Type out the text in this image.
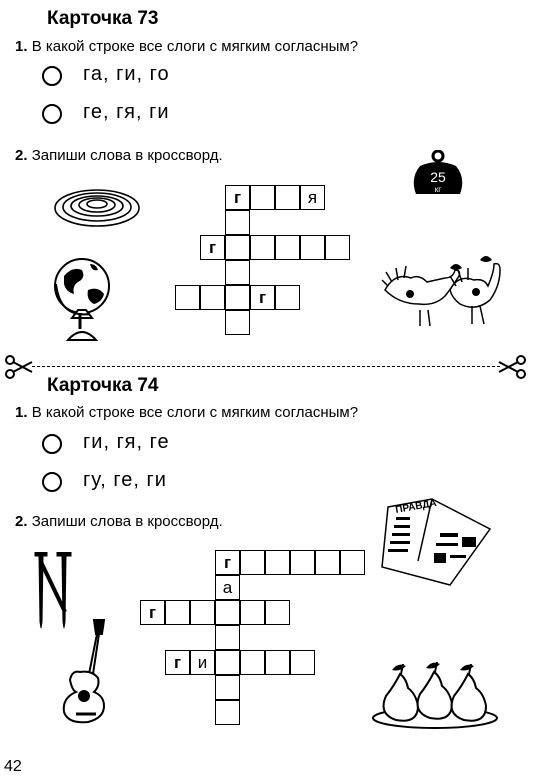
Карточка 73
1. В какой строке все слоги с мягким согласным?
га, ги, го
ге, гя, ги
2. Запиши слова в кроссворд.
г	я
г
г
25
кг
Карточка 74
1. В какой строке все слоги с мягким согласным?
ги, гя, ге
гу, ге, ги
2. Запиши слова в кроссворд.
г
а
г
г и
ПРАВДА
42
